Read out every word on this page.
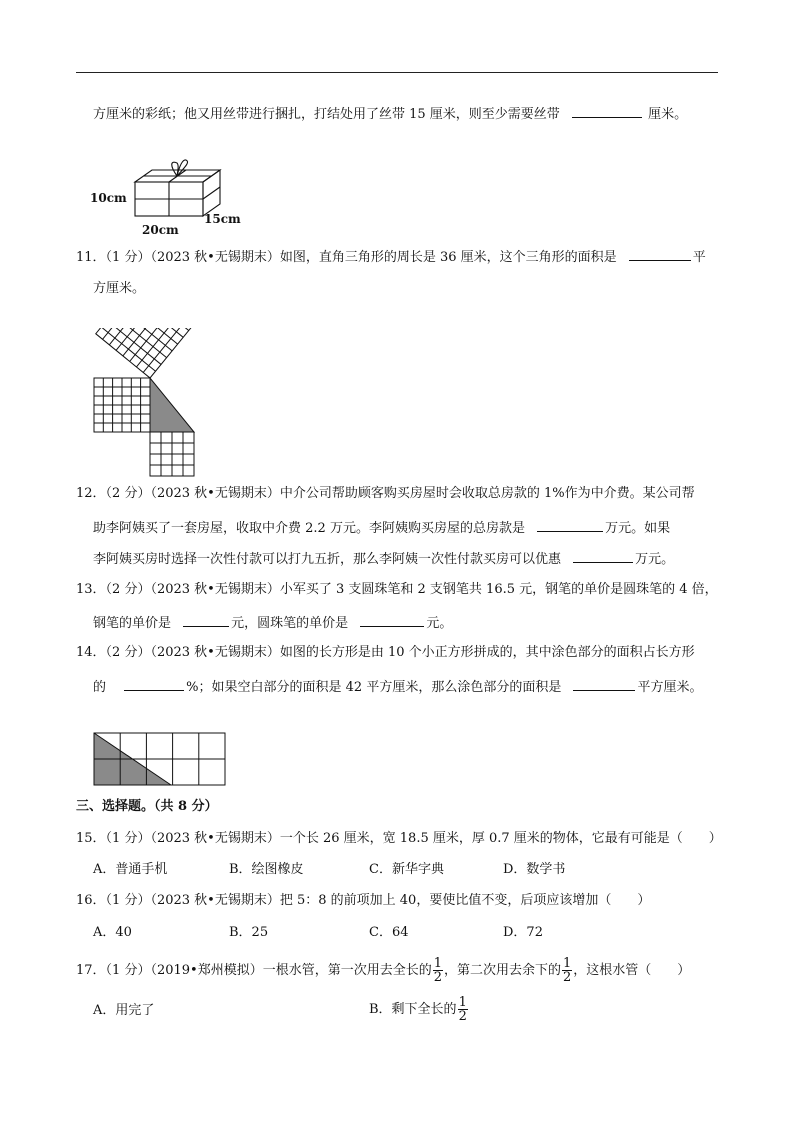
方厘米的彩纸；他又用丝带进行捆扎，打结处用了丝带 15 厘米，则至少需要丝带	厘米。
10cm
20cm
15cm
11．（1 分）（2023 秋•无锡期末）如图，直角三角形的周长是 36 厘米，这个三角形的面积是	平
方厘米。
12．（2 分）（2023 秋•无锡期末）中介公司帮助顾客购买房屋时会收取总房款的 1%作为中介费。某公司帮
助李阿姨买了一套房屋，收取中介费 2.2 万元。李阿姨购买房屋的总房款是	万元。如果
李阿姨买房时选择一次性付款可以打九五折，那么李阿姨一次性付款买房可以优惠	万元。
13．（2 分）（2023 秋•无锡期末）小军买了 3 支圆珠笔和 2 支钢笔共 16.5 元，钢笔的单价是圆珠笔的 4 倍，
钢笔的单价是	元，圆珠笔的单价是	元。
14．（2 分）（2023 秋•无锡期末）如图的长方形是由 10 个小正方形拼成的，其中涂色部分的面积占长方形
的	%；如果空白部分的面积是 42 平方厘米，那么涂色部分的面积是	平方厘米。
三、选择题。（共 8 分）
15．（1 分）（2023 秋•无锡期末）一个长 26 厘米，宽 18.5 厘米，厚 0.7 厘米的物体，它最有可能是（　　）
A．普通手机	B．绘图橡皮	C．新华字典	D．数学书
16．（1 分）（2023 秋•无锡期末）把 5：8 的前项加上 40，要使比值不变，后项应该增加（　　）
A．40	B．25	C．64	D．72
17．（1 分）（2019•郑州模拟）一根水管，第一次用去全长的 $\frac{1}{2}$ ，第二次用去余下的 $\frac{1}{2}$ ，这根水管（　　）
A．用完了	B．剩下全长的 $\frac{1}{2}$
